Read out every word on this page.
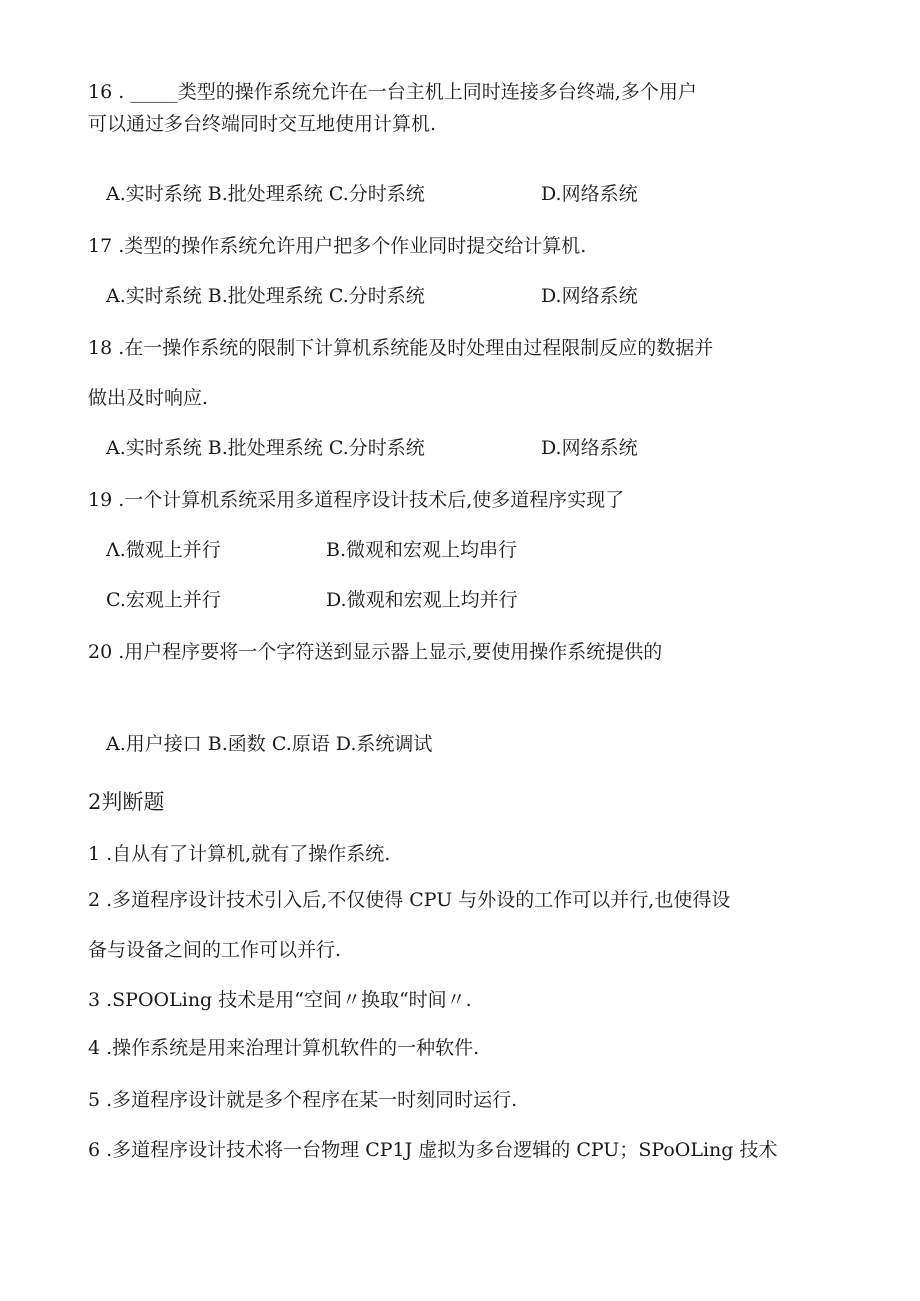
16 . _____类型的操作系统允许在一台主机上同时连接多台终端,多个用户
可以通过多台终端同时交互地使用计算机.
A.实时系统 B.批处理系统 C.分时系统	D.网络系统
17 .类型的操作系统允许用户把多个作业同时提交给计算机.
A.实时系统 B.批处理系统 C.分时系统	D.网络系统
18 .在一操作系统的限制下计算机系统能及时处理由过程限制反应的数据并
做出及时响应.
A.实时系统 B.批处理系统 C.分时系统	D.网络系统
19 .一个计算机系统采用多道程序设计技术后,使多道程序实现了
Λ.微观上并行	B.微观和宏观上均串行
C.宏观上并行	D.微观和宏观上均并行
20 .用户程序要将一个字符送到显示器上显示,要使用操作系统提供的
A.用户接口 B.函数 C.原语 D.系统调试
2判断题
1 .自从有了计算机,就有了操作系统.
2 .多道程序设计技术引入后,不仅使得 CPU 与外设的工作可以并行,也使得设
备与设备之间的工作可以并行.
3 .SPOOLing 技术是用“空间〃换取“时间〃.
4 .操作系统是用来治理计算机软件的一种软件.
5 .多道程序设计就是多个程序在某一时刻同时运行.
6 .多道程序设计技术将一台物理 CP1J 虚拟为多台逻辑的 CPU；SPoOLing 技术
